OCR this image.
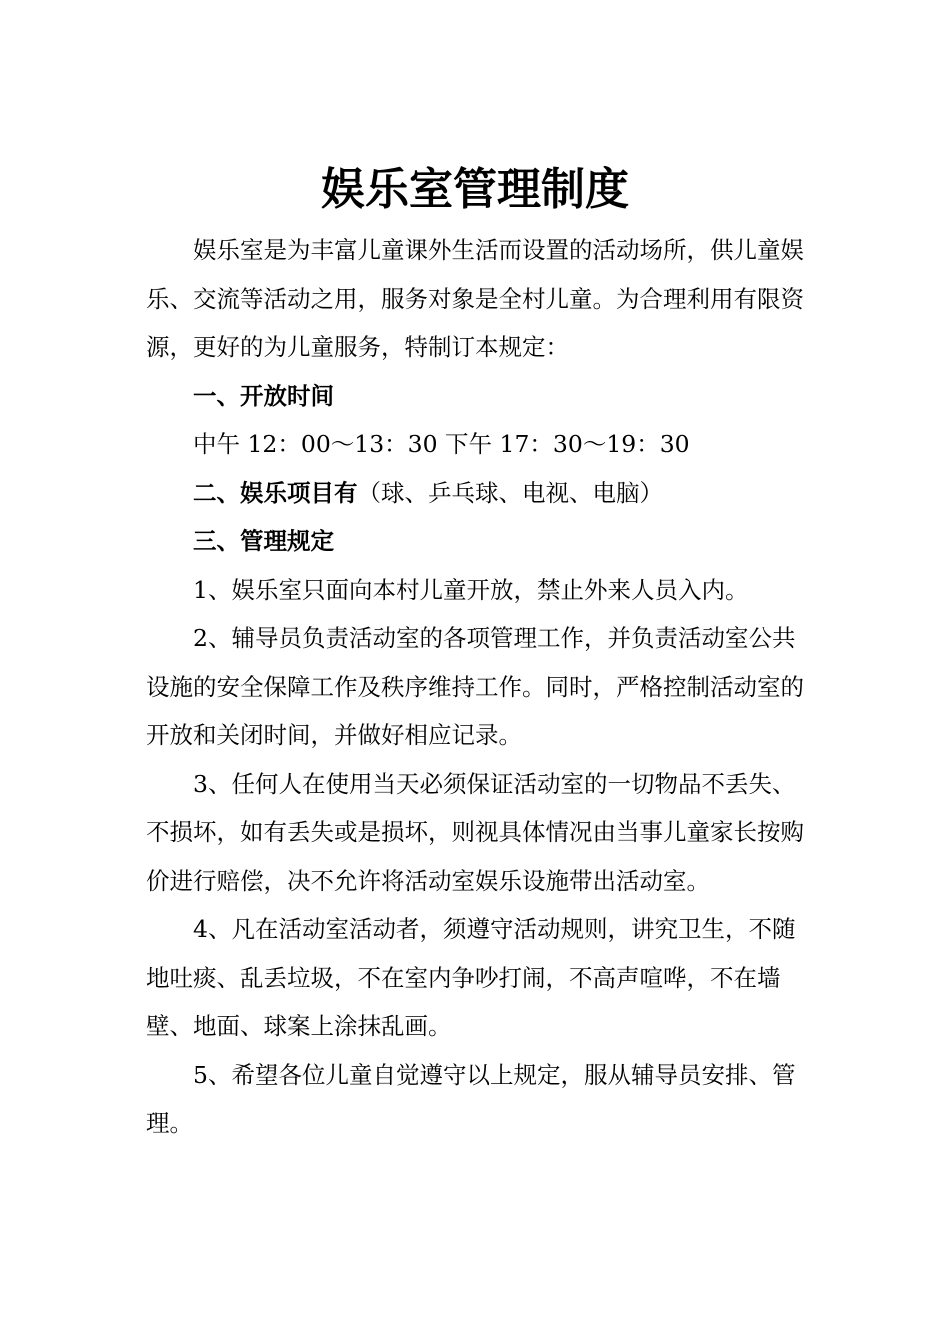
娱乐室管理制度

娱乐室是为丰富儿童课外生活而设置的活动场所，供儿童娱乐、交流等活动之用，服务对象是全村儿童。为合理利用有限资源，更好的为儿童服务，特制订本规定：

一、开放时间

中午 12：00～13：30 下午 17：30～19：30

二、娱乐项目有（球、乒乓球、电视、电脑）

三、管理规定

1、娱乐室只面向本村儿童开放，禁止外来人员入内。

2、辅导员负责活动室的各项管理工作，并负责活动室公共设施的安全保障工作及秩序维持工作。同时，严格控制活动室的开放和关闭时间，并做好相应记录。

3、任何人在使用当天必须保证活动室的一切物品不丢失、不损坏，如有丢失或是损坏，则视具体情况由当事儿童家长按购价进行赔偿，决不允许将活动室娱乐设施带出活动室。

4、凡在活动室活动者，须遵守活动规则，讲究卫生，不随地吐痰、乱丢垃圾，不在室内争吵打闹，不高声喧哗，不在墙壁、地面、球案上涂抹乱画。

5、希望各位儿童自觉遵守以上规定，服从辅导员安排、管理。
